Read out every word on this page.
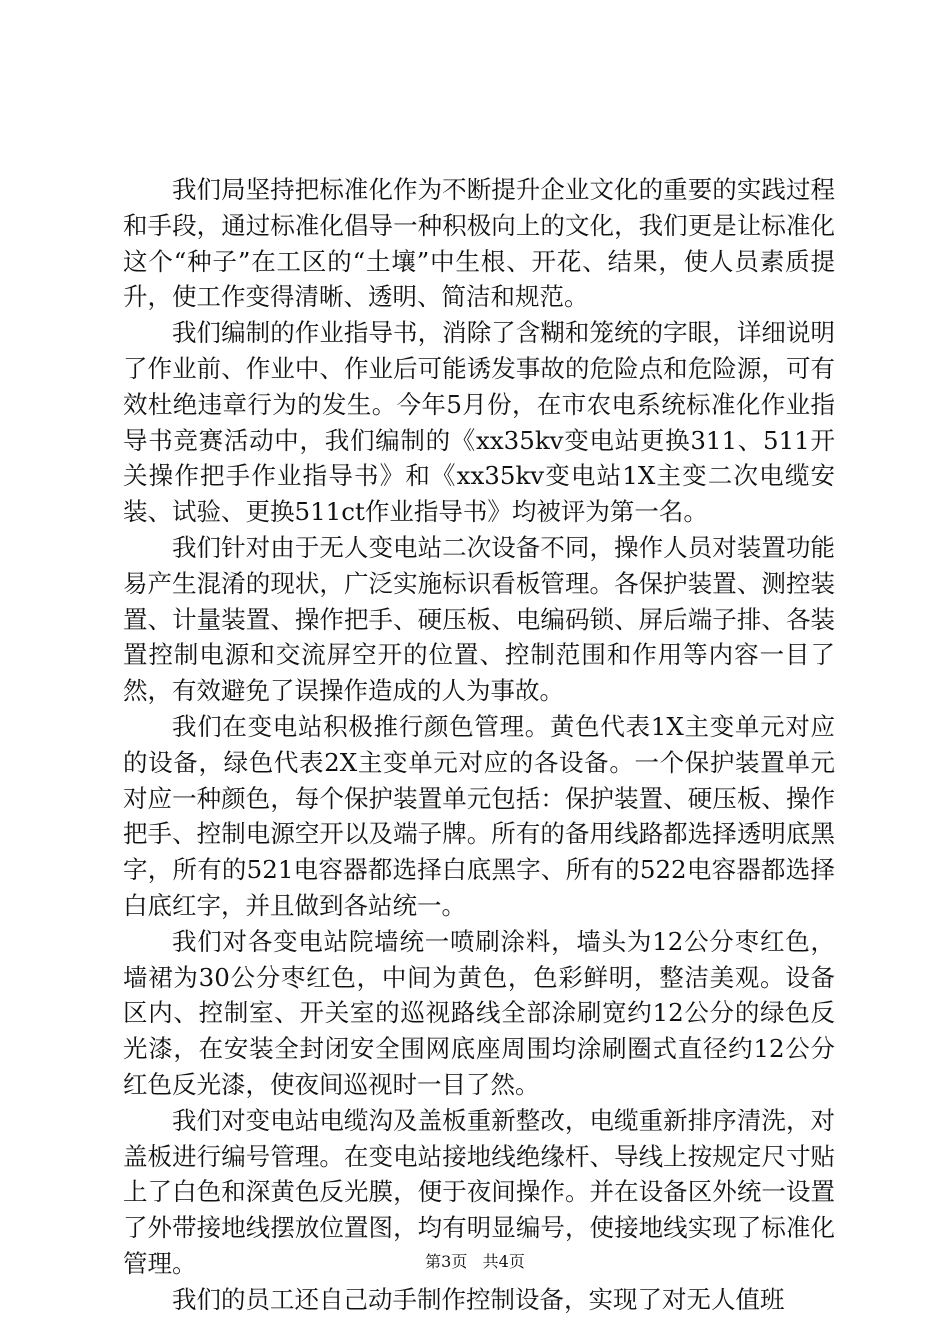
我们局坚持把标准化作为不断提升企业文化的重要的实践过程和手段，通过标准化倡导一种积极向上的文化，我们更是让标准化这个“种子”在工区的“土壤”中生根、开花、结果，使人员素质提升，使工作变得清晰、透明、简洁和规范。

我们编制的作业指导书，消除了含糊和笼统的字眼，详细说明了作业前、作业中、作业后可能诱发事故的危险点和危险源，可有效杜绝违章行为的发生。今年5月份，在市农电系统标准化作业指导书竞赛活动中，我们编制的《xx35kv变电站更换311、511开关操作把手作业指导书》和《xx35kv变电站1X主变二次电缆安装、试验、更换511ct作业指导书》均被评为第一名。

我们针对由于无人变电站二次设备不同，操作人员对装置功能易产生混淆的现状，广泛实施标识看板管理。各保护装置、测控装置、计量装置、操作把手、硬压板、电编码锁、屏后端子排、各装置控制电源和交流屏空开的位置、控制范围和作用等内容一目了然，有效避免了误操作造成的人为事故。

我们在变电站积极推行颜色管理。黄色代表1X主变单元对应的设备，绿色代表2X主变单元对应的各设备。一个保护装置单元对应一种颜色，每个保护装置单元包括：保护装置、硬压板、操作把手、控制电源空开以及端子牌。所有的备用线路都选择透明底黑字，所有的521电容器都选择白底黑字、所有的522电容器都选择白底红字，并且做到各站统一。

我们对各变电站院墙统一喷刷涂料，墙头为12公分枣红色，墙裙为30公分枣红色，中间为黄色，色彩鲜明，整洁美观。设备区内、控制室、开关室的巡视路线全部涂刷宽约12公分的绿色反光漆，在安装全封闭安全围网底座周围均涂刷圈式直径约12公分红色反光漆，使夜间巡视时一目了然。

我们对变电站电缆沟及盖板重新整改，电缆重新排序清洗，对盖板进行编号管理。在变电站接地线绝缘杆、导线上按规定尺寸贴上了白色和深黄色反光膜，便于夜间操作。并在设备区外统一设置了外带接地线摆放位置图，均有明显编号，使接地线实现了标准化管理。

我们的员工还自己动手制作控制设备，实现了对无人值班

第3页 共4页
